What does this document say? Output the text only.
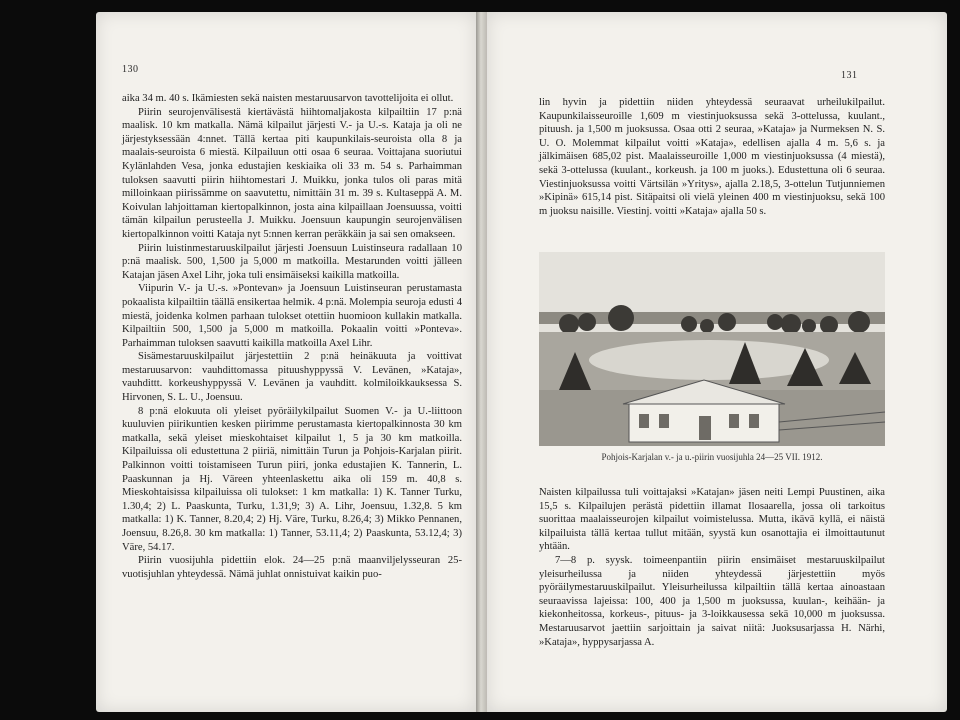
130

aika 34 m. 40 s. Ikämiesten sekä naisten mestaruusarvon tavottelijoita ei ollut.

Piirin seurojenvälisestä kiertävästä hiihtomaljakosta kilpailtiin 17 p:nä maalisk. 10 km matkalla. Nämä kilpailut järjesti V.- ja U.-s. Kataja ja oli ne järjestyksessään 4:nnet. Tällä kertaa piti kaupunkilais-seuroista olla 8 ja maalais-seuroista 6 miestä. Kilpailuun otti osaa 6 seuraa. Voittajana suoriutui Kylänlahden Vesa, jonka edustajien keskiaika oli 33 m. 54 s. Parhaimman tuloksen saavutti piirin hiihtomestari J. Muikku, jonka tulos oli paras mitä milloinkaan piirissämme on saavutettu, nimittäin 31 m. 39 s. Kultaseppä A. M. Koivulan lahjoittaman kiertopalkinnon, josta aina kilpaillaan Joensuussa, voitti tämän kilpailun perusteella J. Muikku. Joensuun kaupungin seurojenvälisen kiertopalkinnon voitti Kataja nyt 5:nnen kerran peräkkäin ja sai sen omakseen.

Piirin luistinmestaruuskilpailut järjesti Joensuun Luistinseura radallaan 10 p:nä maalisk. 500, 1,500 ja 5,000 m matkoilla. Mestarunden voitti jälleen Katajan jäsen Axel Lihr, joka tuli ensimäiseksi kaikilla matkoilla.

Viipurin V.- ja U.-s. »Pontevan» ja Joensuun Luistinseuran perustamasta pokaalista kilpailtiin täällä ensikertaa helmik. 4 p:nä. Molempia seuroja edusti 4 miestä, joidenka kolmen parhaan tulokset otettiin huomioon kullakin matkalla. Kilpailtiin 500, 1,500 ja 5,000 m matkoilla. Pokaalin voitti »Ponteva». Parhaimman tuloksen saavutti kaikilla matkoilla Axel Lihr.

Sisämestaruuskilpailut järjestettiin 2 p:nä heinäkuuta ja voittivat mestaruusarvon: vauhdittomassa pituushyppyssä V. Levänen, »Kataja», vauhdittt. korkeushyppyssä V. Levänen ja vauhditt. kolmiloikkauksessa S. Hirvonen, S. L. U., Joensuu.

8 p:nä elokuuta oli yleiset pyöräilykilpailut Suomen V.- ja U.-liittoon kuuluvien piirikuntien kesken piirimme perustamasta kiertopalkinnosta 30 km matkalla, sekä yleiset mieskohtaiset kilpailut 1, 5 ja 30 km matkoilla. Kilpailuissa oli edustettuna 2 piiriä, nimittäin Turun ja Pohjois-Karjalan piirit. Palkinnon voitti toistamiseen Turun piiri, jonka edustajien K. Tannerin, L. Paaskunnan ja Hj. Väreen yhteenlaskettu aika oli 159 m. 40,8 s. Mieskohtaisissa kilpailuissa oli tulokset: 1 km matkalla: 1) K. Tanner Turku, 1.30,4; 2) L. Paaskunta, Turku, 1.31,9; 3) A. Lihr, Joensuu, 1.32,8. 5 km matkalla: 1) K. Tanner, 8.20,4; 2) Hj. Väre, Turku, 8.26,4; 3) Mikko Pennanen, Joensuu, 8.26,8. 30 km matkalla: 1) Tanner, 53.11,4; 2) Paaskunta, 53.12,4; 3) Väre, 54.17.

Piirin vuosijuhla pidettiin elok. 24—25 p:nä maanviljelysseuran 25-vuotisjuhlan yhteydessä. Nämä juhlat onnistuivat kaikin puo-

131

lin hyvin ja pidettiin niiden yhteydessä seuraavat urheilukilpailut. Kaupunkilaisseuroille 1,609 m viestinjuoksussa sekä 3-ottelussa, kuulant., pituush. ja 1,500 m juoksussa. Osaa otti 2 seuraa, »Kataja» ja Nurmeksen N. S. U. O. Molemmat kilpailut voitti »Kataja», edellisen ajalla 4 m. 5,6 s. ja jälkimäisen 685,02 pist. Maalaisseuroille 1,000 m viestinjuoksussa (4 miestä), sekä 3-ottelussa (kuulant., korkeush. ja 100 m juoks.). Edustettuna oli 6 seuraa. Viestinjuoksussa voitti Värtsilän »Yritys», ajalla 2.18,5, 3-ottelun Tutjunniemen »Kipinä» 615,14 pist. Sitäpaitsi oli vielä yleinen 400 m viestinjuoksu, sekä 100 m juoksu naisille. Viestinj. voitti »Kataja» ajalla 50 s.

Pohjois-Karjalan v.- ja u.-piirin vuosijuhla 24—25 VII. 1912.

Naisten kilpailussa tuli voittajaksi »Katajan» jäsen neiti Lempi Puustinen, aika 15,5 s. Kilpailujen perästä pidettiin illamat Ilosaarella, jossa oli tarkoitus suorittaa maalaisseurojen kilpailut voimistelussa. Mutta, ikävä kyllä, ei näistä kilpailuista tällä kertaa tullut mitään, syystä kun osanottajia ei ilmoittautunut yhtään.

7—8 p. syysk. toimeenpantiin piirin ensimäiset mestaruuskilpailut yleisurheilussa ja niiden yhteydessä järjestettiin myös pyöräilymestaruuskilpailut. Yleisurheilussa kilpailtiin tällä kertaa ainoastaan seuraavissa lajeissa: 100, 400 ja 1,500 m juoksussa, kuulan-, keihään- ja kiekonheitossa, korkeus-, pituus- ja 3-loikkausessa sekä 10,000 m juoksussa. Mestaruusarvot jaettiin sarjoittain ja saivat niitä: Juoksusarjassa H. Närhi, »Kataja», hyppysarjassa A.
